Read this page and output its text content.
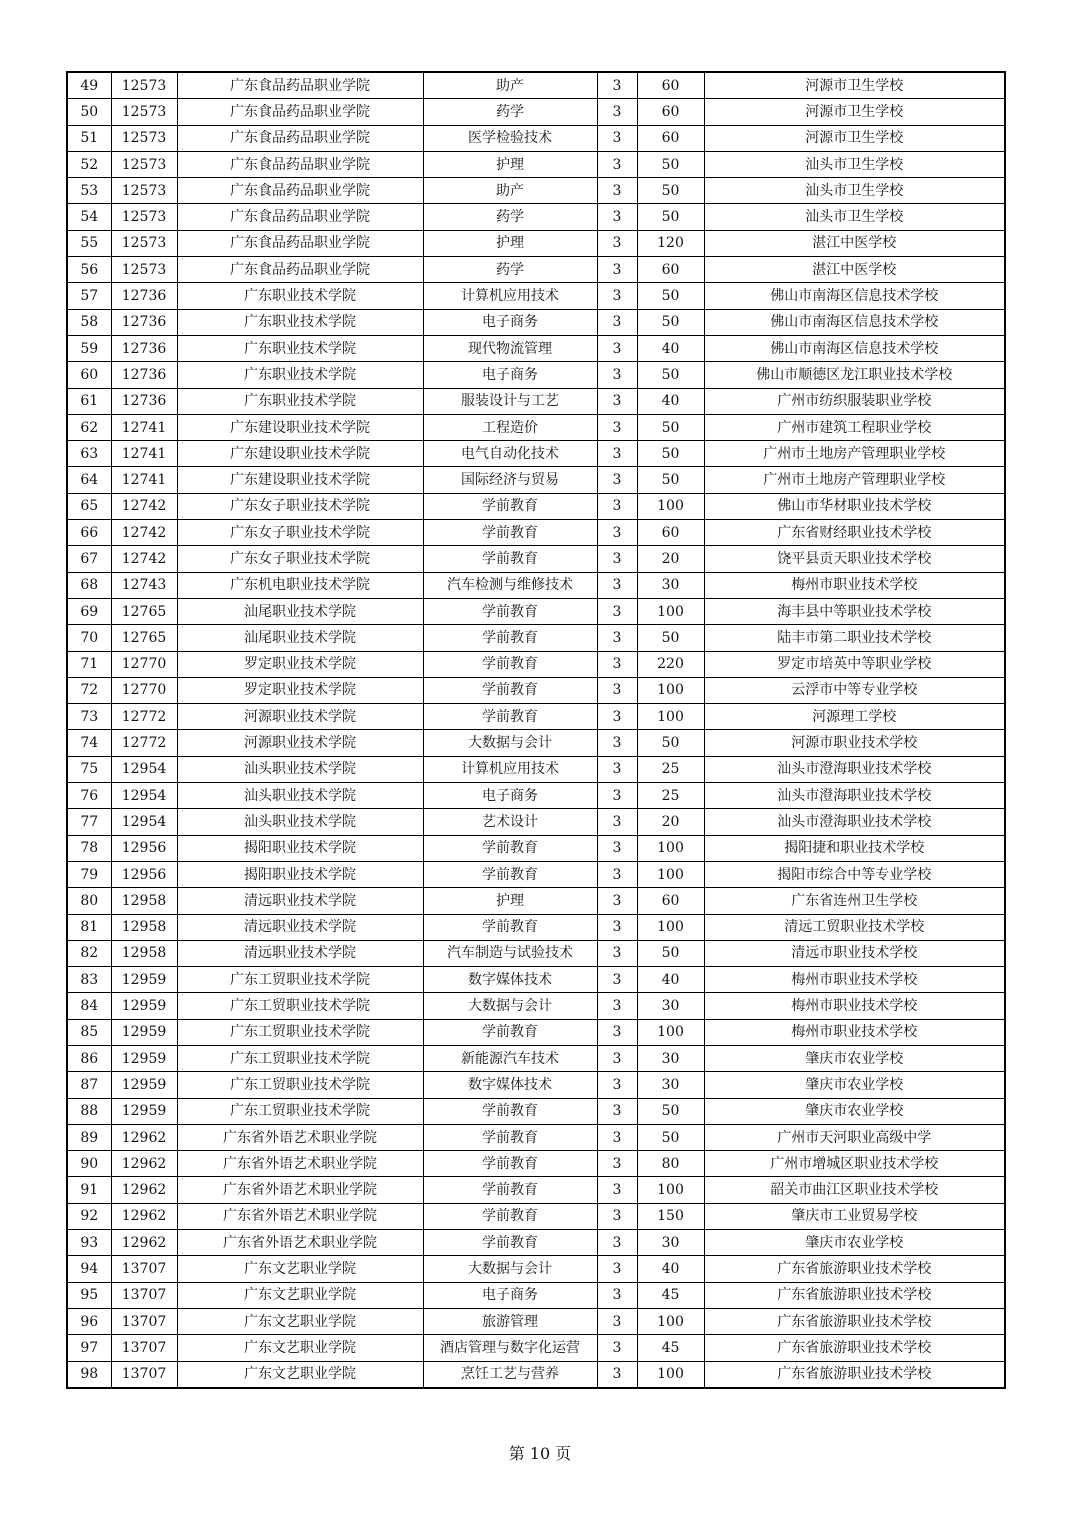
49	12573	广东食品药品职业学院	助产	3	60	河源市卫生学校
50	12573	广东食品药品职业学院	药学	3	60	河源市卫生学校
51	12573	广东食品药品职业学院	医学检验技术	3	60	河源市卫生学校
52	12573	广东食品药品职业学院	护理	3	50	汕头市卫生学校
53	12573	广东食品药品职业学院	助产	3	50	汕头市卫生学校
54	12573	广东食品药品职业学院	药学	3	50	汕头市卫生学校
55	12573	广东食品药品职业学院	护理	3	120	湛江中医学校
56	12573	广东食品药品职业学院	药学	3	60	湛江中医学校
57	12736	广东职业技术学院	计算机应用技术	3	50	佛山市南海区信息技术学校
58	12736	广东职业技术学院	电子商务	3	50	佛山市南海区信息技术学校
59	12736	广东职业技术学院	现代物流管理	3	40	佛山市南海区信息技术学校
60	12736	广东职业技术学院	电子商务	3	50	佛山市顺德区龙江职业技术学校
61	12736	广东职业技术学院	服装设计与工艺	3	40	广州市纺织服装职业学校
62	12741	广东建设职业技术学院	工程造价	3	50	广州市建筑工程职业学校
63	12741	广东建设职业技术学院	电气自动化技术	3	50	广州市土地房产管理职业学校
64	12741	广东建设职业技术学院	国际经济与贸易	3	50	广州市土地房产管理职业学校
65	12742	广东女子职业技术学院	学前教育	3	100	佛山市华材职业技术学校
66	12742	广东女子职业技术学院	学前教育	3	60	广东省财经职业技术学校
67	12742	广东女子职业技术学院	学前教育	3	20	饶平县贡天职业技术学校
68	12743	广东机电职业技术学院	汽车检测与维修技术	3	30	梅州市职业技术学校
69	12765	汕尾职业技术学院	学前教育	3	100	海丰县中等职业技术学校
70	12765	汕尾职业技术学院	学前教育	3	50	陆丰市第二职业技术学校
71	12770	罗定职业技术学院	学前教育	3	220	罗定市培英中等职业学校
72	12770	罗定职业技术学院	学前教育	3	100	云浮市中等专业学校
73	12772	河源职业技术学院	学前教育	3	100	河源理工学校
74	12772	河源职业技术学院	大数据与会计	3	50	河源市职业技术学校
75	12954	汕头职业技术学院	计算机应用技术	3	25	汕头市澄海职业技术学校
76	12954	汕头职业技术学院	电子商务	3	25	汕头市澄海职业技术学校
77	12954	汕头职业技术学院	艺术设计	3	20	汕头市澄海职业技术学校
78	12956	揭阳职业技术学院	学前教育	3	100	揭阳捷和职业技术学校
79	12956	揭阳职业技术学院	学前教育	3	100	揭阳市综合中等专业学校
80	12958	清远职业技术学院	护理	3	60	广东省连州卫生学校
81	12958	清远职业技术学院	学前教育	3	100	清远工贸职业技术学校
82	12958	清远职业技术学院	汽车制造与试验技术	3	50	清远市职业技术学校
83	12959	广东工贸职业技术学院	数字媒体技术	3	40	梅州市职业技术学校
84	12959	广东工贸职业技术学院	大数据与会计	3	30	梅州市职业技术学校
85	12959	广东工贸职业技术学院	学前教育	3	100	梅州市职业技术学校
86	12959	广东工贸职业技术学院	新能源汽车技术	3	30	肇庆市农业学校
87	12959	广东工贸职业技术学院	数字媒体技术	3	30	肇庆市农业学校
88	12959	广东工贸职业技术学院	学前教育	3	50	肇庆市农业学校
89	12962	广东省外语艺术职业学院	学前教育	3	50	广州市天河职业高级中学
90	12962	广东省外语艺术职业学院	学前教育	3	80	广州市增城区职业技术学校
91	12962	广东省外语艺术职业学院	学前教育	3	100	韶关市曲江区职业技术学校
92	12962	广东省外语艺术职业学院	学前教育	3	150	肇庆市工业贸易学校
93	12962	广东省外语艺术职业学院	学前教育	3	30	肇庆市农业学校
94	13707	广东文艺职业学院	大数据与会计	3	40	广东省旅游职业技术学校
95	13707	广东文艺职业学院	电子商务	3	45	广东省旅游职业技术学校
96	13707	广东文艺职业学院	旅游管理	3	100	广东省旅游职业技术学校
97	13707	广东文艺职业学院	酒店管理与数字化运营	3	45	广东省旅游职业技术学校
98	13707	广东文艺职业学院	烹饪工艺与营养	3	100	广东省旅游职业技术学校
第 10 页
